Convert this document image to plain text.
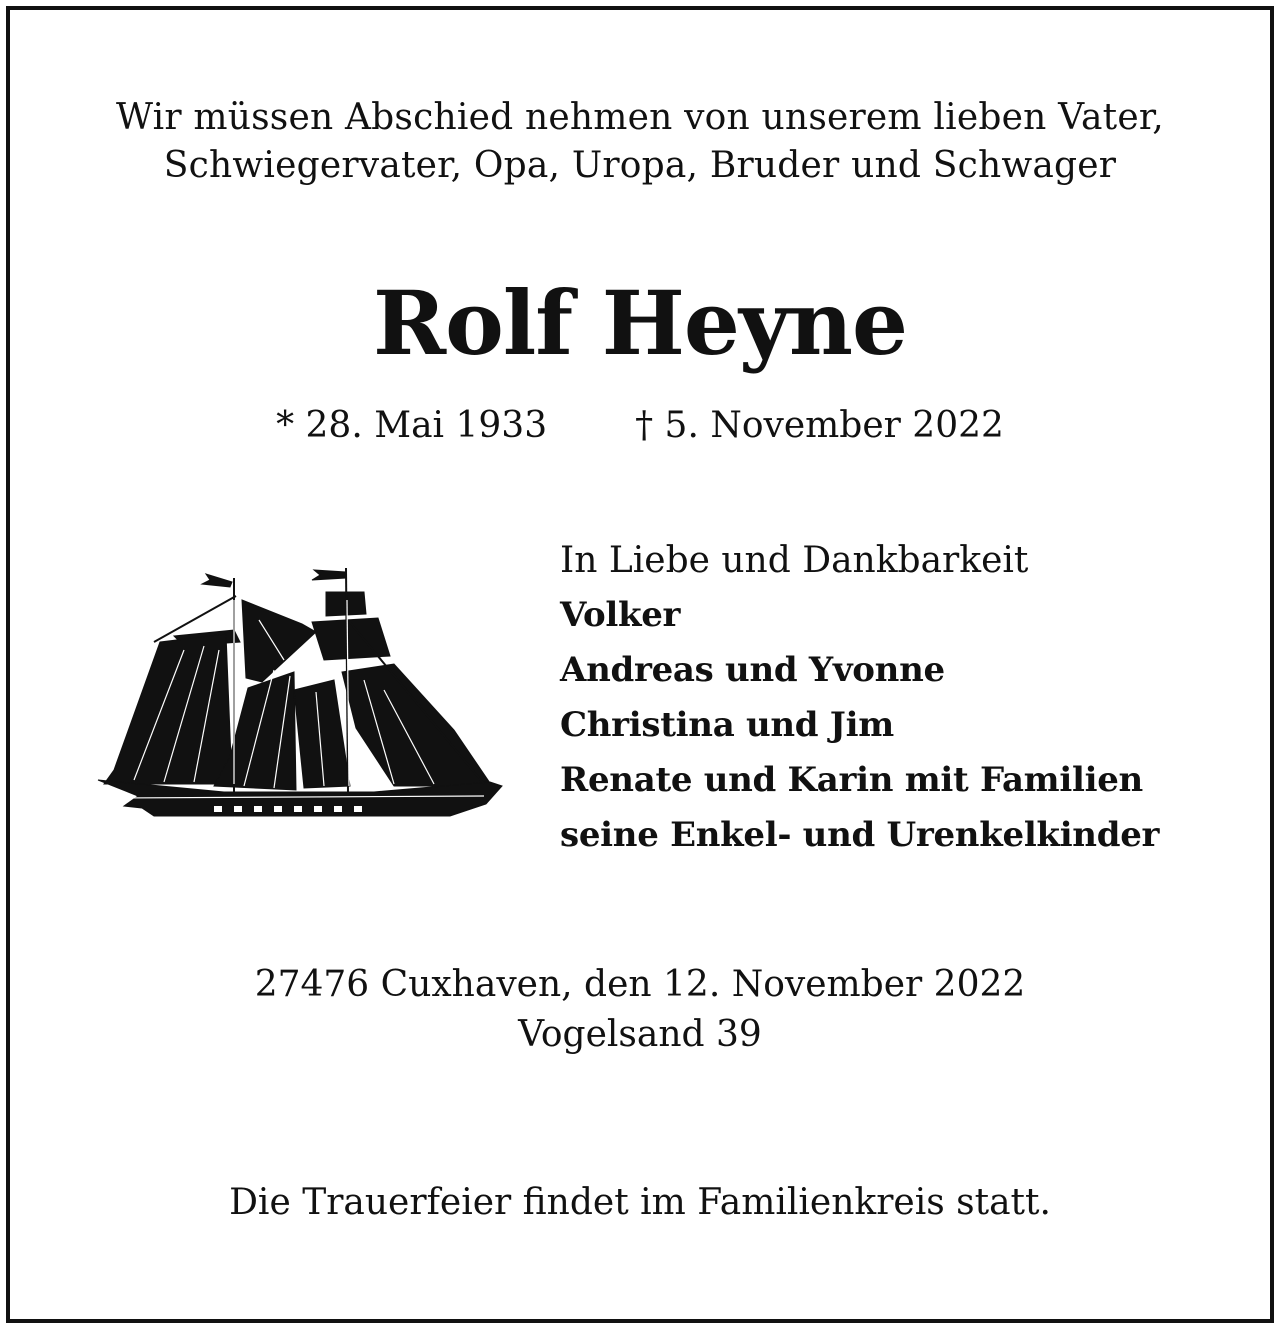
Wir müssen Abschied nehmen von unserem lieben Vater,
Schwiegervater, Opa, Uropa, Bruder und Schwager
Rolf Heyne
* 28. Mai 1933 † 5. November 2022
In Liebe und Dankbarkeit
Volker
Andreas und Yvonne
Christina und Jim
Renate und Karin mit Familien
seine Enkel- und Urenkelkinder
27476 Cuxhaven, den 12. November 2022
Vogelsand 39
Die Trauerfeier findet im Familienkreis statt.
